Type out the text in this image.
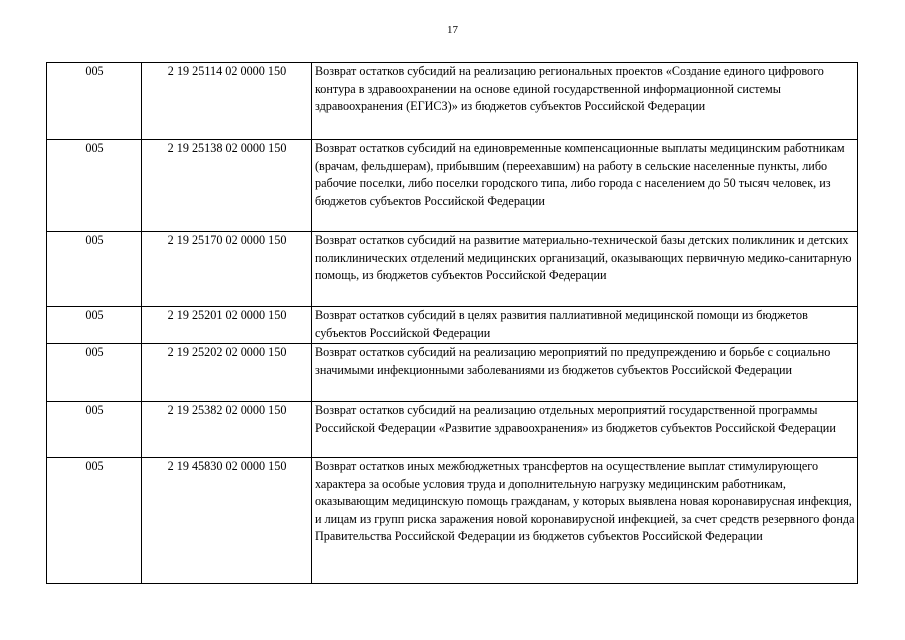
17
005	2 19 25114 02 0000 150	Возврат остатков субсидий на реализацию региональных проектов «Создание единого цифрового контура в здравоохранении на основе единой государственной информационной системы здравоохранения (ЕГИСЗ)» из бюджетов субъектов Российской Федерации
005	2 19 25138 02 0000 150	Возврат остатков субсидий на единовременные компенсационные выплаты медицинским работникам (врачам, фельдшерам), прибывшим (переехавшим) на работу в сельские населенные пункты, либо рабочие поселки, либо поселки городского типа, либо города с населением до 50 тысяч человек, из бюджетов субъектов Российской Федерации
005	2 19 25170 02 0000 150	Возврат остатков субсидий на развитие материально-технической базы детских поликлиник и детских поликлинических отделений медицинских организаций, оказывающих первичную медико-санитарную помощь, из бюджетов субъектов Российской Федерации
005	2 19 25201 02 0000 150	Возврат остатков субсидий в целях развития паллиативной медицинской помощи из бюджетов субъектов Российской Федерации
005	2 19 25202 02 0000 150	Возврат остатков субсидий на реализацию мероприятий по предупреждению и борьбе с социально значимыми инфекционными заболеваниями из бюджетов субъектов Российской Федерации
005	2 19 25382 02 0000 150	Возврат остатков субсидий на реализацию отдельных мероприятий государственной программы Российской Федерации «Развитие здравоохранения» из бюджетов субъектов Российской Федерации
005	2 19 45830 02 0000 150	Возврат остатков иных межбюджетных трансфертов на осуществление выплат стимулирующего характера за особые условия труда и дополнительную нагрузку медицинским работникам, оказывающим медицинскую помощь гражданам, у которых выявлена новая коронавирусная инфекция, и лицам из групп риска заражения новой коронавирусной инфекцией, за счет средств резервного фонда Правительства Российской Федерации из бюджетов субъектов Российской Федерации
